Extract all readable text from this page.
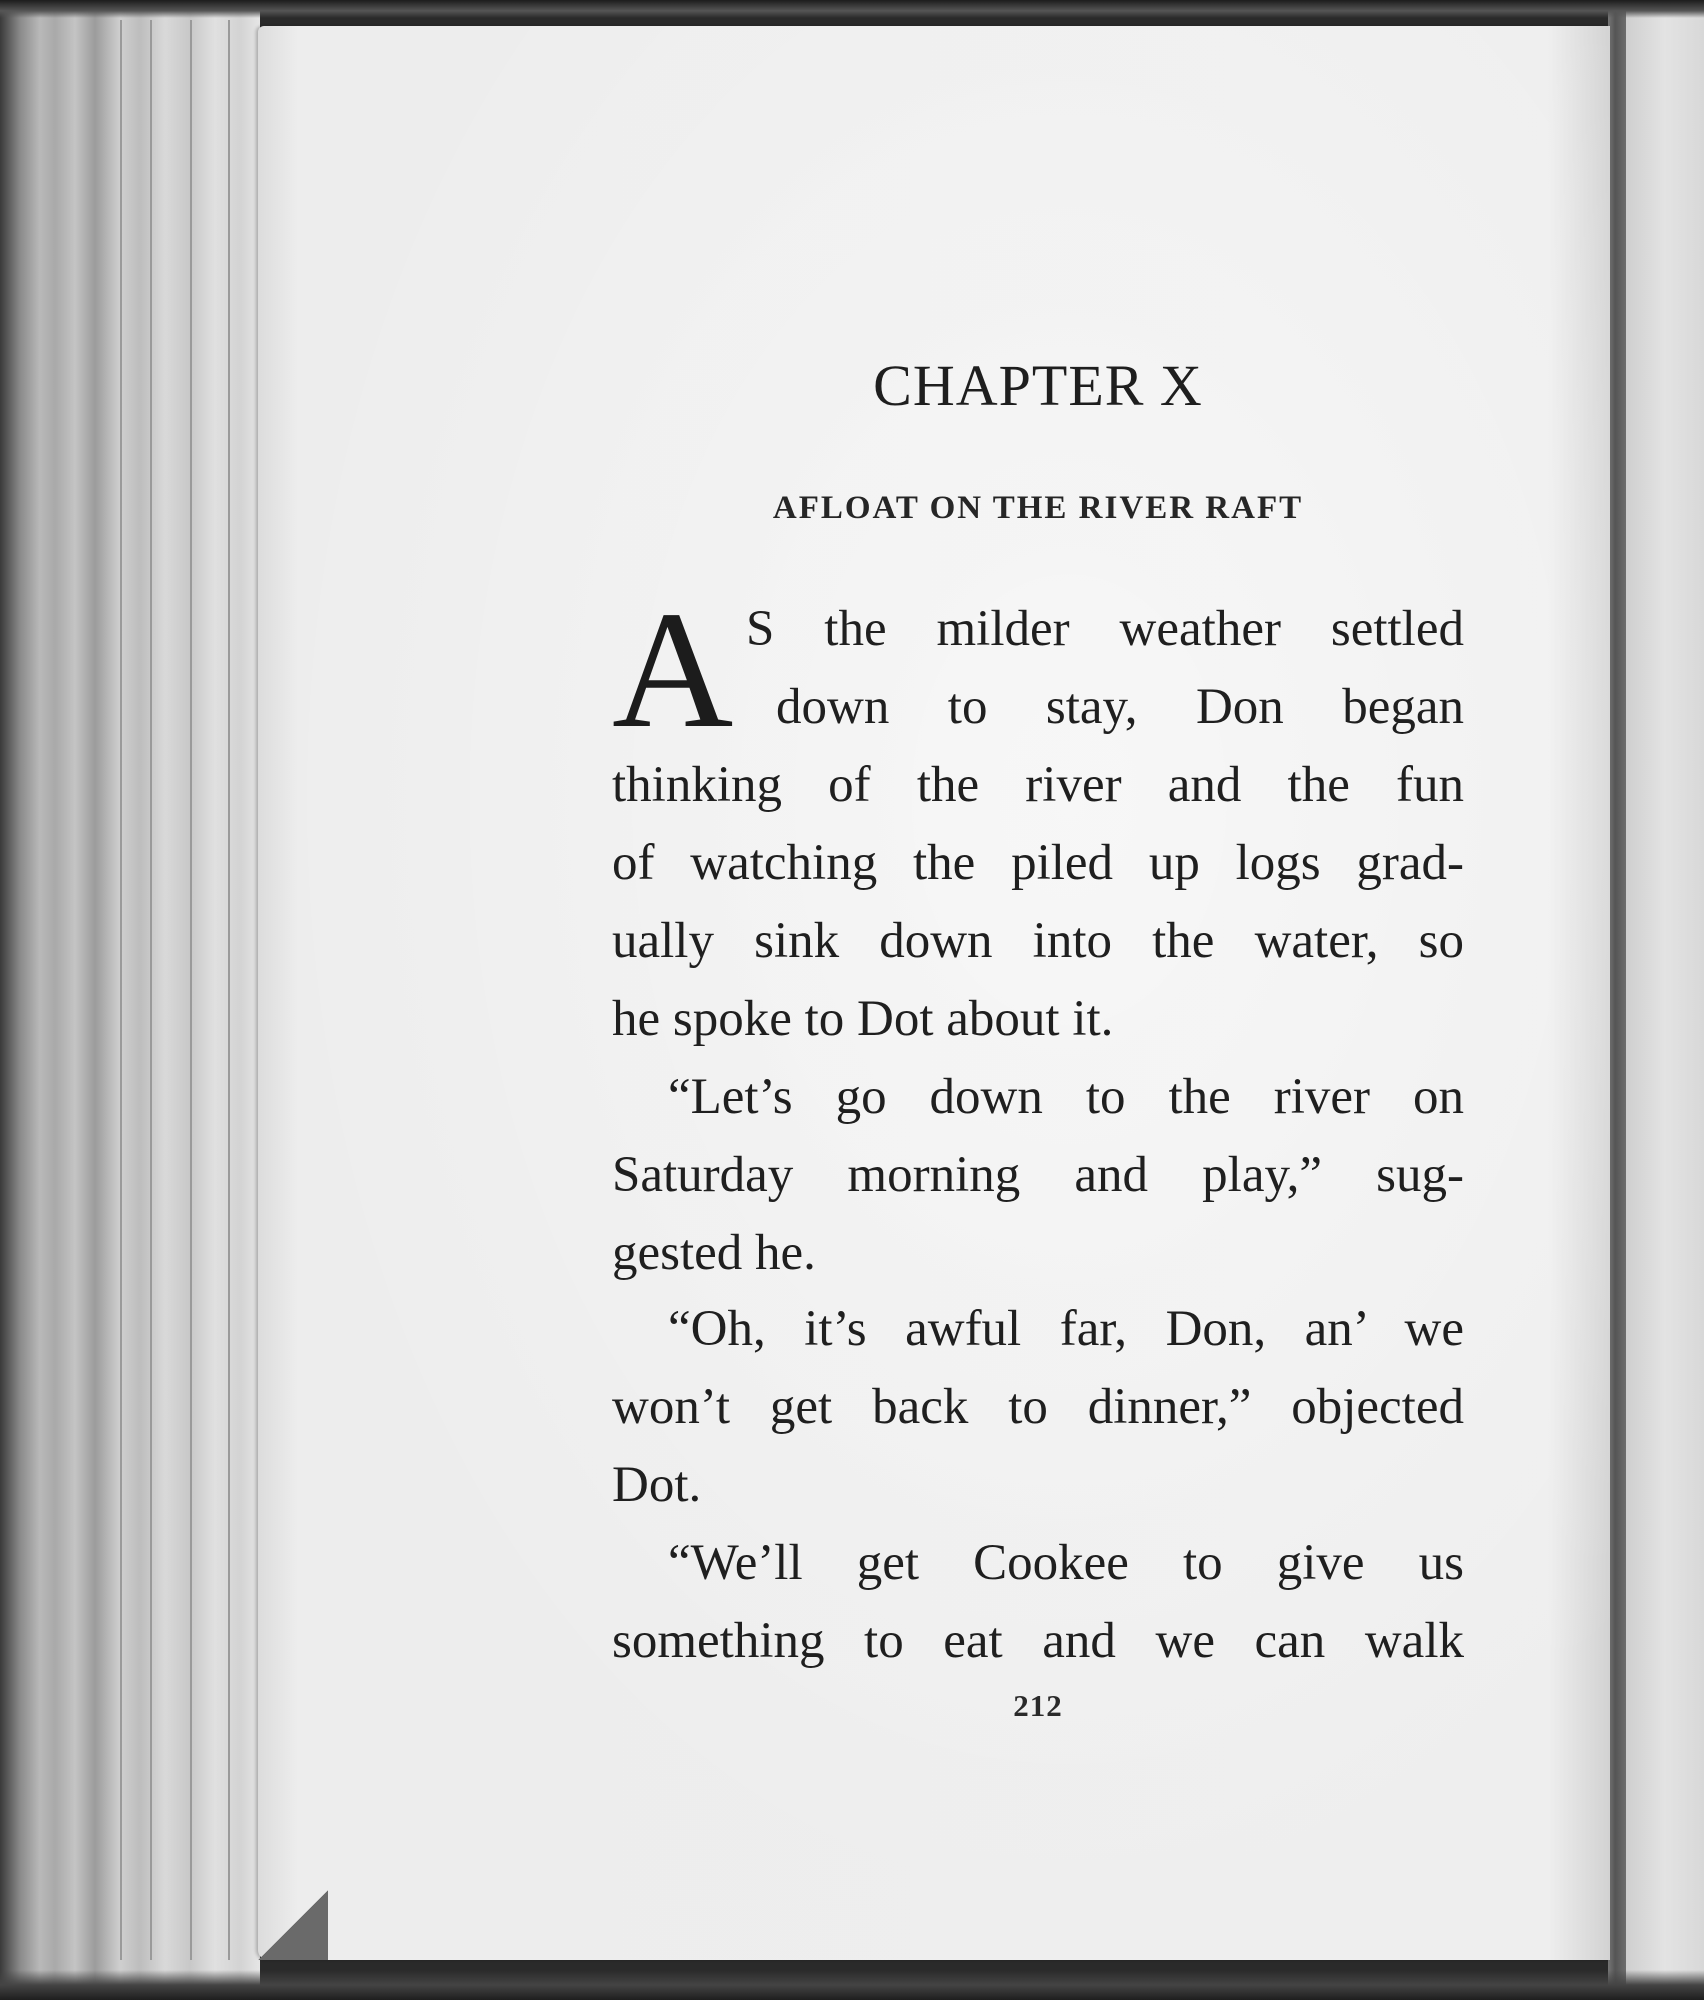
CHAPTER X
AFLOAT ON THE RIVER RAFT
A S the milder weather settled
down to stay, Don began
thinking of the river and the fun
of watching the piled up logs grad-
ually sink down into the water, so
he spoke to Dot about it.
“Let’s go down to the river on
Saturday morning and play,” sug-
gested he.
“Oh, it’s awful far, Don, an’ we
won’t get back to dinner,” objected
Dot.
“We’ll get Cookee to give us
something to eat and we can walk
212
